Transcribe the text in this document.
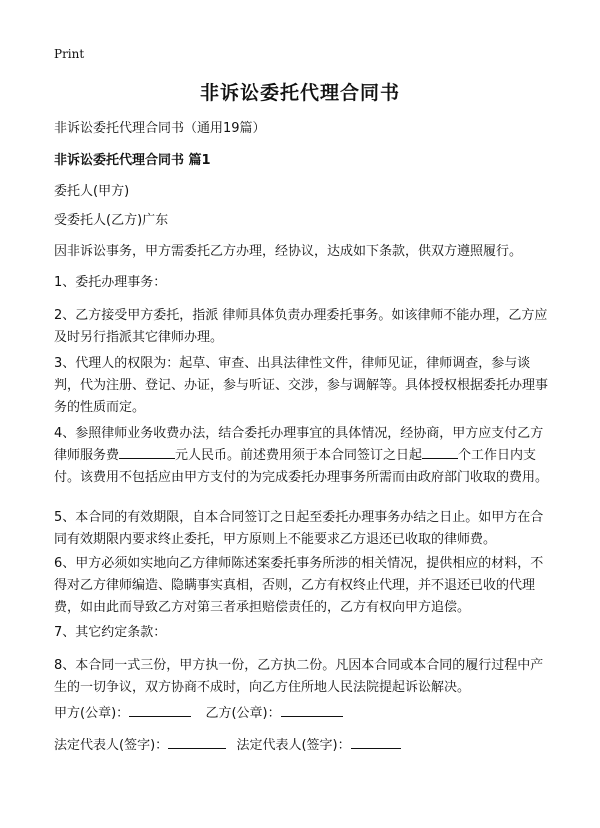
Print
非诉讼委托代理合同书
非诉讼委托代理合同书（通用19篇）
非诉讼委托代理合同书 篇1
委托人(甲方)
受委托人(乙方)广东
因非诉讼事务，甲方需委托乙方办理，经协议，达成如下条款，供双方遵照履行。
1、委托办理事务：
2、乙方接受甲方委托，指派 律师具体负责办理委托事务。如该律师不能办理，乙方应及时另行指派其它律师办理。
3、代理人的权限为：起草、审查、出具法律性文件，律师见证，律师调查，参与谈判，代为注册、登记、办证，参与听证、交涉，参与调解等。具体授权根据委托办理事务的性质而定。
4、参照律师业务收费办法，结合委托办理事宜的具体情况，经协商，甲方应支付乙方律师服务费	元人民币。前述费用须于本合同签订之日起	个工作日内支付。该费用不包括应由甲方支付的为完成委托办理事务所需而由政府部门收取的费用。
5、本合同的有效期限，自本合同签订之日起至委托办理事务办结之日止。如甲方在合同有效期限内要求终止委托，甲方原则上不能要求乙方退还已收取的律师费。
6、甲方必须如实地向乙方律师陈述案委托事务所涉的相关情况，提供相应的材料，不得对乙方律师编造、隐瞒事实真相，否则，乙方有权终止代理，并不退还已收的代理费，如由此而导致乙方对第三者承担赔偿责任的，乙方有权向甲方追偿。
7、其它约定条款：
8、本合同一式三份，甲方执一份，乙方执二份。凡因本合同或本合同的履行过程中产生的一切争议，双方协商不成时，向乙方住所地人民法院提起诉讼解决。
甲方(公章)：	乙方(公章)：
法定代表人(签字)：	法定代表人(签字)：
